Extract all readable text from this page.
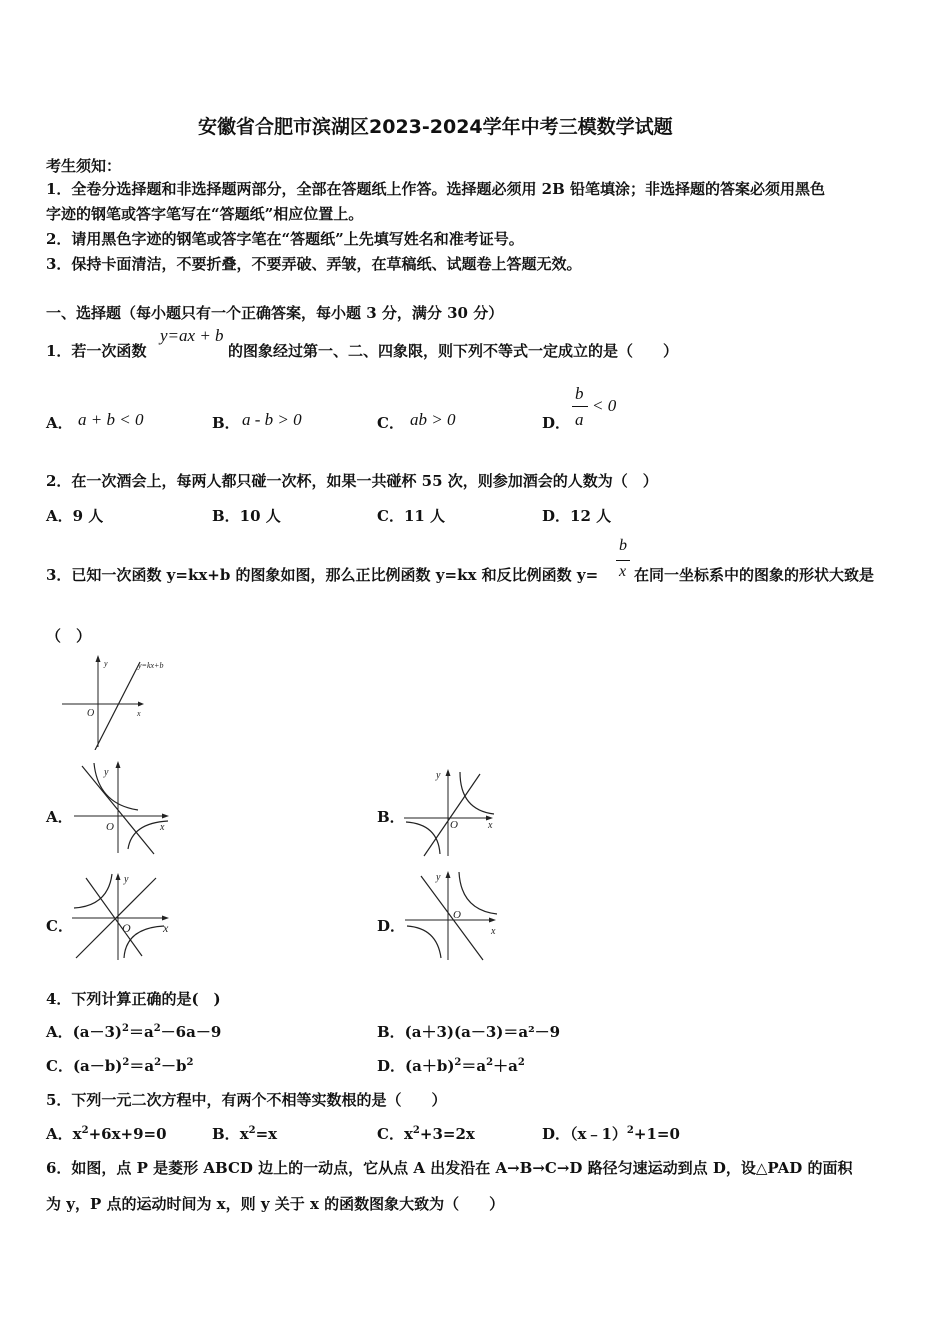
安徽省合肥市滨湖区2023-2024学年中考三模数学试题
考生须知：
1．全卷分选择题和非选择题两部分，全部在答题纸上作答。选择题必须用 2B 铅笔填涂；非选择题的答案必须用黑色
字迹的钢笔或答字笔写在“答题纸”相应位置上。
2．请用黑色字迹的钢笔或答字笔在“答题纸”上先填写姓名和准考证号。
3．保持卡面清洁，不要折叠，不要弄破、弄皱，在草稿纸、试题卷上答题无效。
一、选择题（每小题只有一个正确答案，每小题 3 分，满分 30 分）
1．若一次函数
y=ax + b
的图象经过第一、二、四象限，则下列不等式一定成立的是（　　）
A． a + b < 0	B． a - b > 0	C． ab > 0	D．
b
a
< 0
2．在一次酒会上，每两人都只碰一次杯，如果一共碰杯 55 次，则参加酒会的人数为（　）
A．9 人	B．10 人	C．11 人	D．12 人
3．已知一次函数 y=kx+b 的图象如图，那么正比例函数 y=kx 和反比例函数 y=
b
x 在同一坐标系中的图象的形状大致是
（　）
y	y=kx+b
O	x
A．
y
O	x
B．
y
O	x
C．
y
O	x	D．
y
O
x
4．下列计算正确的是(　)
A．$(a-3)^2=a^2-6a-9$	B．(a＋3)(a－3)＝a²－9
C．$(a-b)^2=a^2-b^2$	D．$(a+b)^2=a^2+a^2$
5．下列一元二次方程中，有两个不相等实数根的是（　　）
A．$x^2+6x+9=0$	B．$x^2=x$	C．$x^2+3=2x$	D．（x﹣1）$^2$+1=0
6．如图，点 P 是菱形 ABCD 边上的一动点，它从点 A 出发沿在 A→B→C→D 路径匀速运动到点 D，设△PAD 的面积
为 y，P 点的运动时间为 x，则 y 关于 x 的函数图象大致为（　　）
